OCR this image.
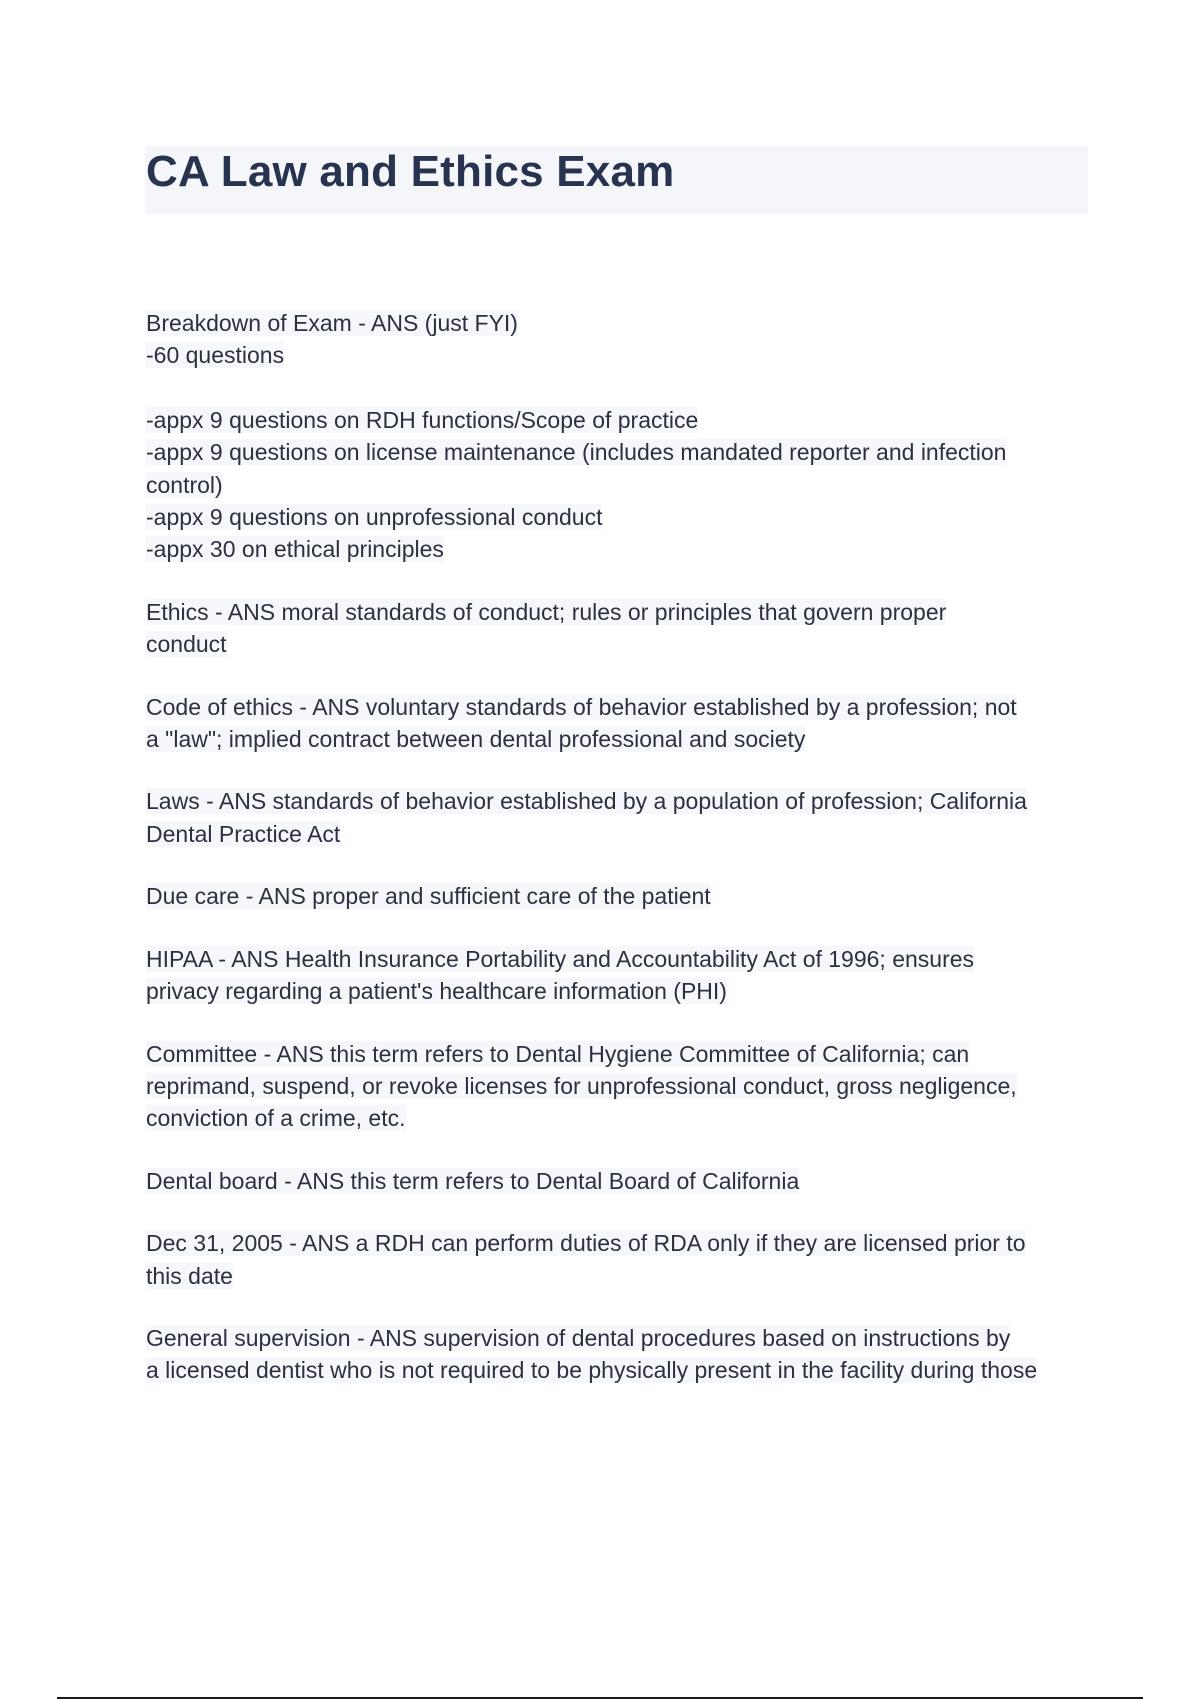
CA Law and Ethics Exam
Breakdown of Exam - ANS (just FYI)
-60 questions
-appx 9 questions on RDH functions/Scope of practice
-appx 9 questions on license maintenance (includes mandated reporter and infection
control)
-appx 9 questions on unprofessional conduct
-appx 30 on ethical principles
Ethics - ANS moral standards of conduct; rules or principles that govern proper
conduct
Code of ethics - ANS voluntary standards of behavior established by a profession; not
a "law"; implied contract between dental professional and society
Laws - ANS standards of behavior established by a population of profession; California
Dental Practice Act
Due care - ANS proper and sufficient care of the patient
HIPAA - ANS Health Insurance Portability and Accountability Act of 1996; ensures
privacy regarding a patient's healthcare information (PHI)
Committee - ANS this term refers to Dental Hygiene Committee of California; can
reprimand, suspend, or revoke licenses for unprofessional conduct, gross negligence,
conviction of a crime, etc.
Dental board - ANS this term refers to Dental Board of California
Dec 31, 2005 - ANS a RDH can perform duties of RDA only if they are licensed prior to
this date
General supervision - ANS supervision of dental procedures based on instructions by
a licensed dentist who is not required to be physically present in the facility during those
